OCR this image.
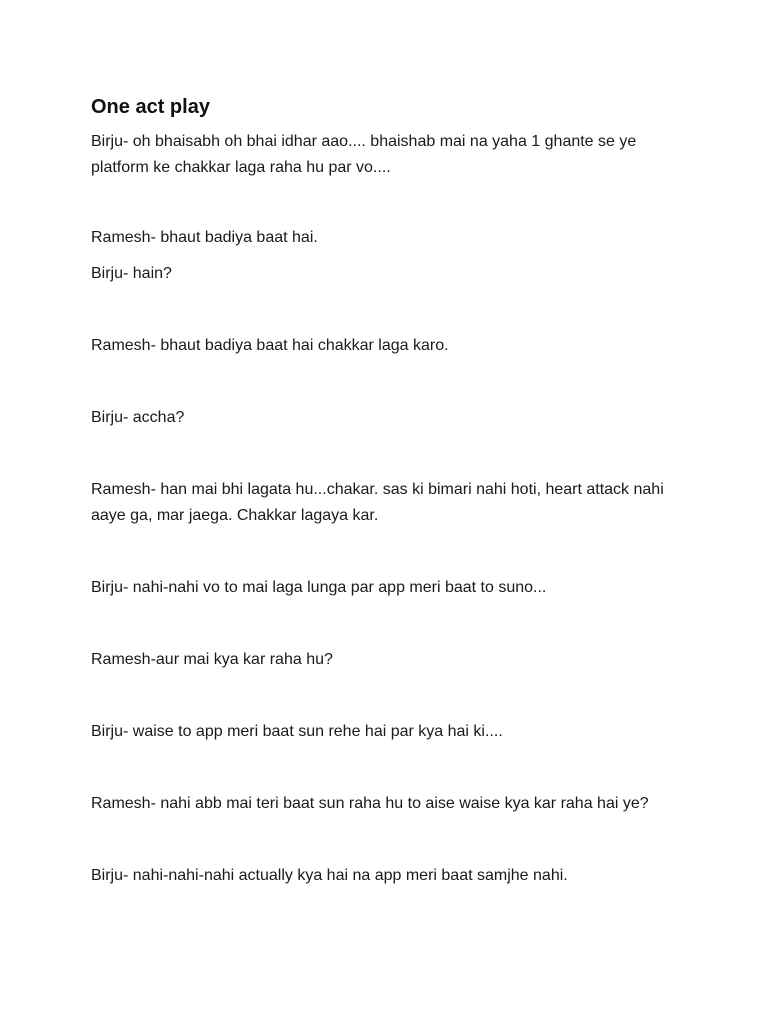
One act play

Birju- oh bhaisabh oh bhai idhar aao.... bhaishab mai na yaha 1 ghante se ye platform ke chakkar laga raha hu par vo....

Ramesh- bhaut badiya baat hai.

Birju- hain?

Ramesh- bhaut badiya baat hai chakkar laga karo.

Birju- accha?

Ramesh- han mai bhi lagata hu...chakar. sas ki bimari nahi hoti, heart attack nahi aaye ga, mar jaega. Chakkar lagaya kar.

Birju- nahi-nahi vo to mai laga lunga par app meri baat to suno...

Ramesh-aur mai kya kar raha hu?

Birju- waise to app meri baat sun rehe hai par kya hai ki....

Ramesh- nahi abb mai teri baat sun raha hu to aise waise kya kar raha hai ye?

Birju- nahi-nahi-nahi actually kya hai na app meri baat samjhe nahi.
